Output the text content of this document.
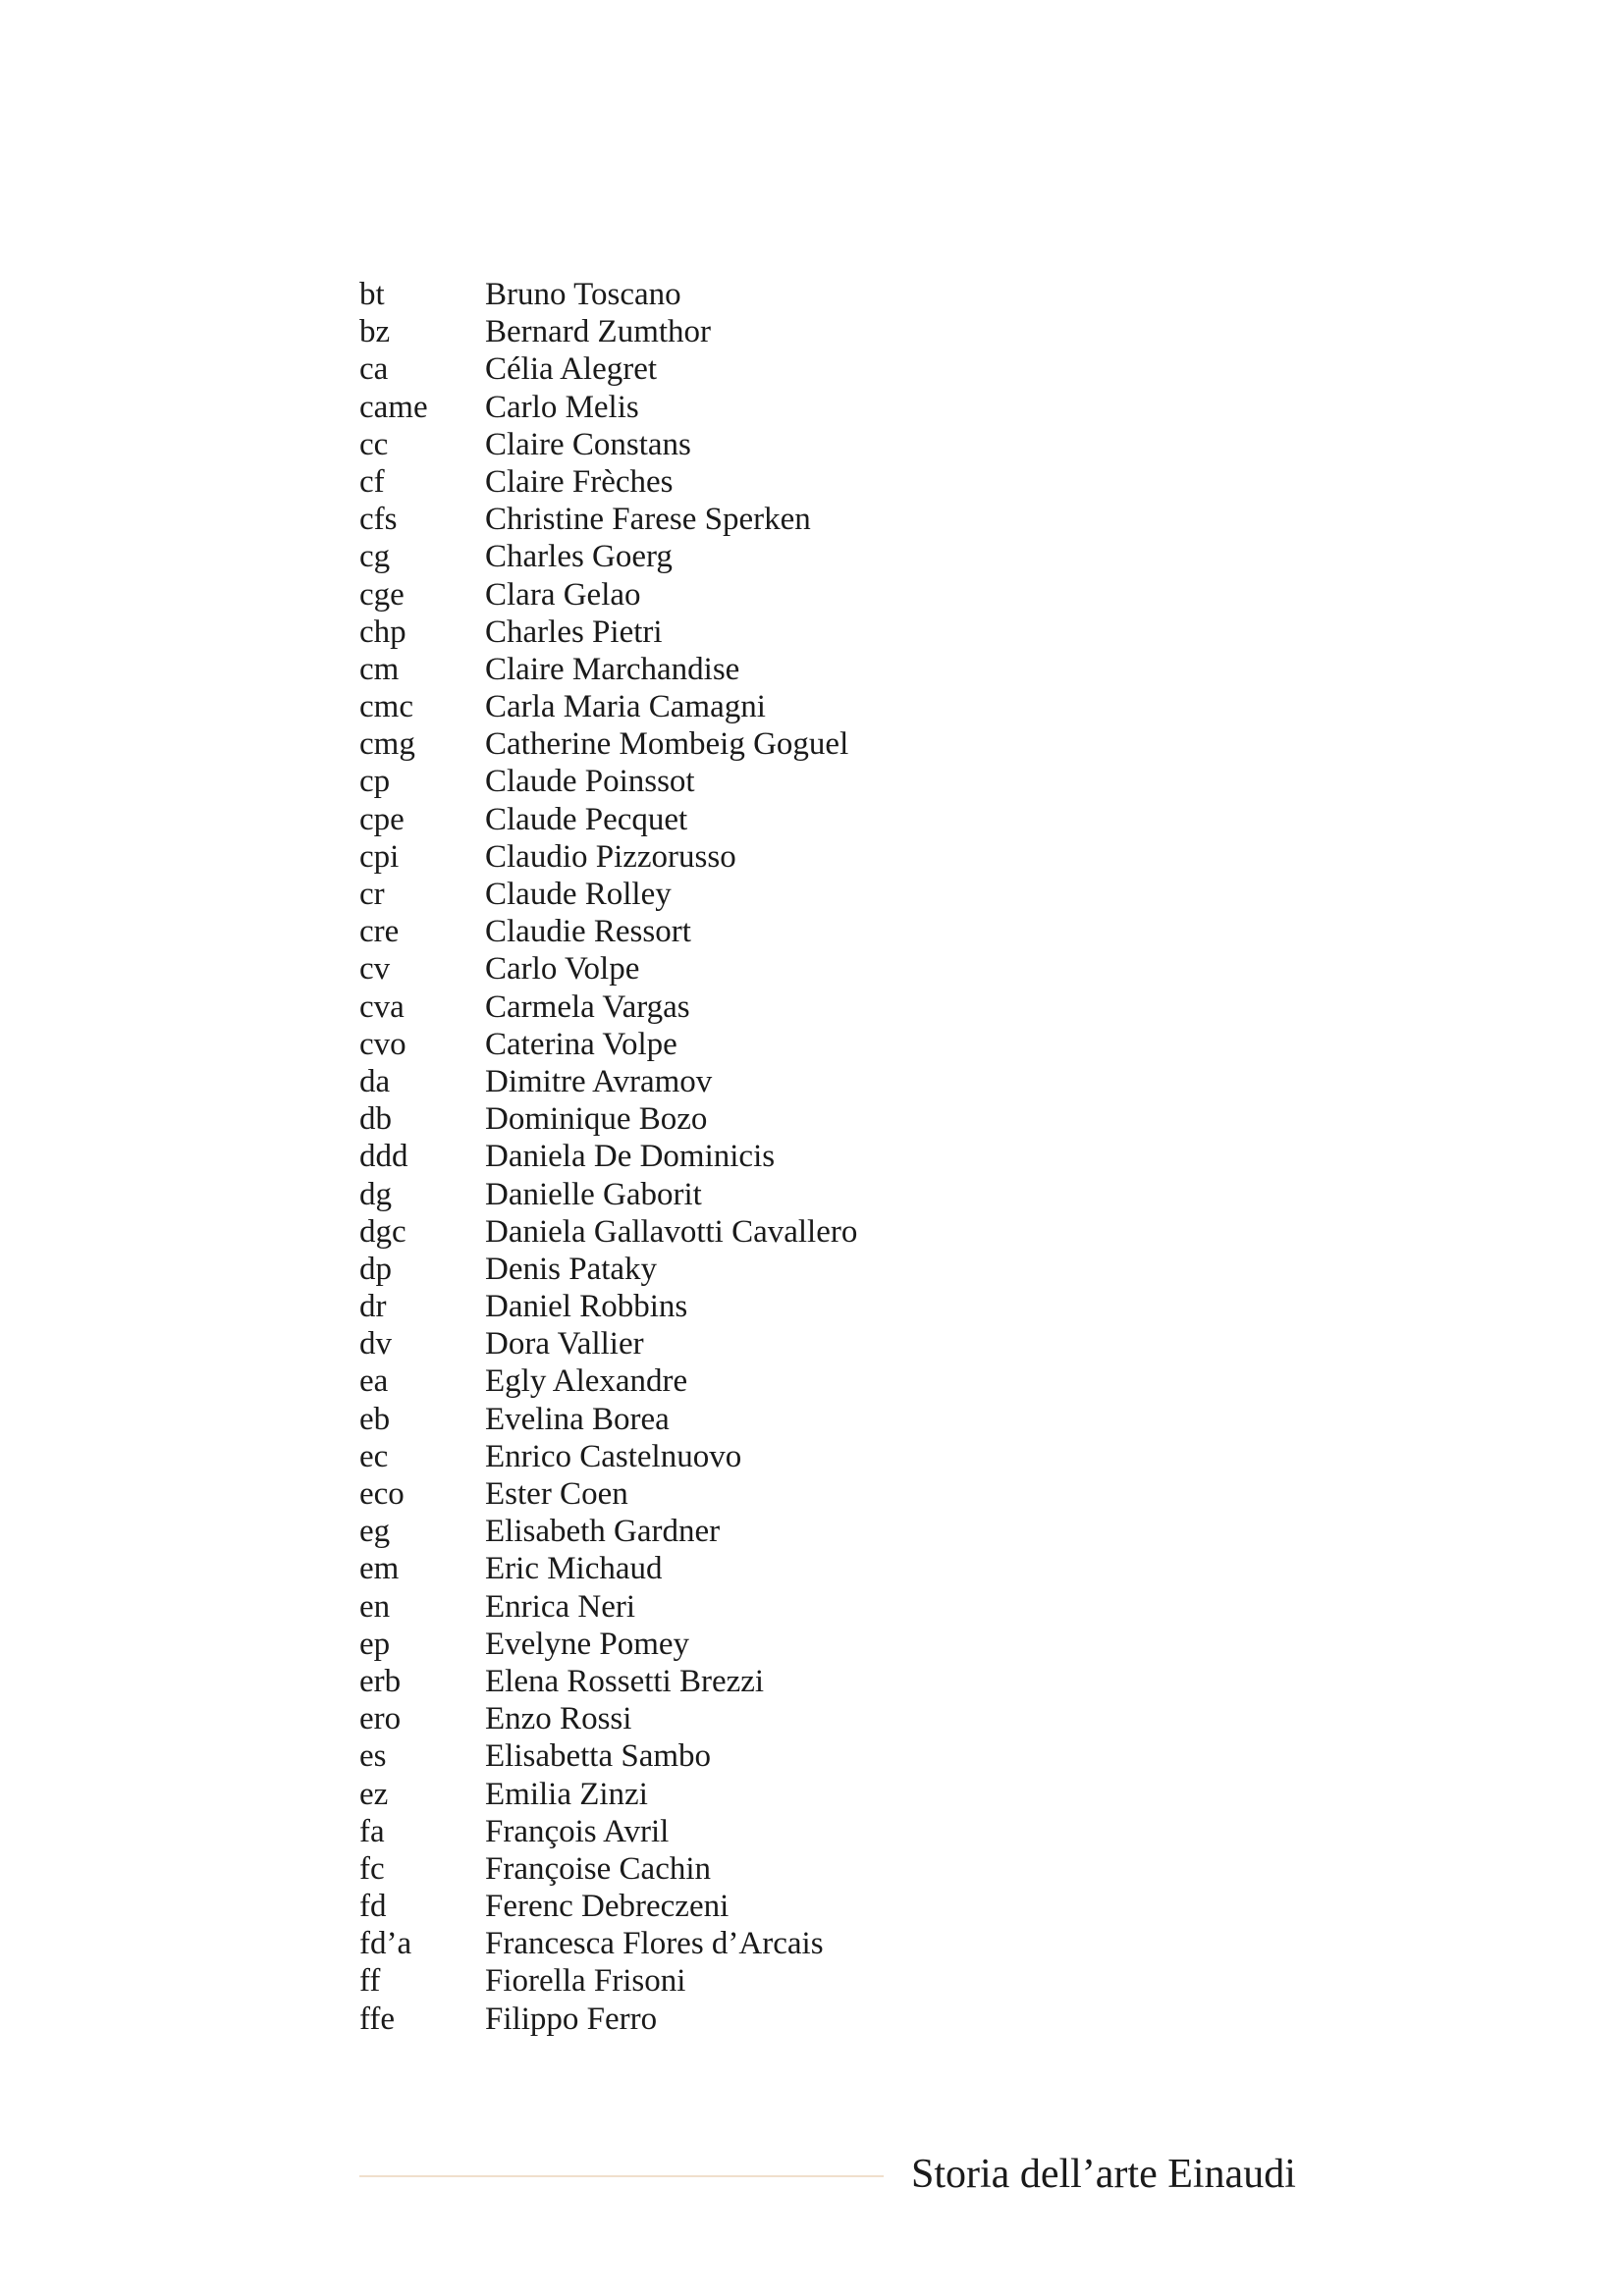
bt	Bruno Toscano
bz	Bernard Zumthor
ca	Célia Alegret
came	Carlo Melis
cc	Claire Constans
cf	Claire Frèches
cfs	Christine Farese Sperken
cg	Charles Goerg
cge	Clara Gelao
chp	Charles Pietri
cm	Claire Marchandise
cmc	Carla Maria Camagni
cmg	Catherine Mombeig Goguel
cp	Claude Poinssot
cpe	Claude Pecquet
cpi	Claudio Pizzorusso
cr	Claude Rolley
cre	Claudie Ressort
cv	Carlo Volpe
cva	Carmela Vargas
cvo	Caterina Volpe
da	Dimitre Avramov
db	Dominique Bozo
ddd	Daniela De Dominicis
dg	Danielle Gaborit
dgc	Daniela Gallavotti Cavallero
dp	Denis Pataky
dr	Daniel Robbins
dv	Dora Vallier
ea	Egly Alexandre
eb	Evelina Borea
ec	Enrico Castelnuovo
eco	Ester Coen
eg	Elisabeth Gardner
em	Eric Michaud
en	Enrica Neri
ep	Evelyne Pomey
erb	Elena Rossetti Brezzi
ero	Enzo Rossi
es	Elisabetta Sambo
ez	Emilia Zinzi
fa	François Avril
fc	Françoise Cachin
fd	Ferenc Debreczeni
fd’a	Francesca Flores d’Arcais
ff	Fiorella Frisoni
ffe	Filippo Ferro
Storia dell’arte Einaudi
